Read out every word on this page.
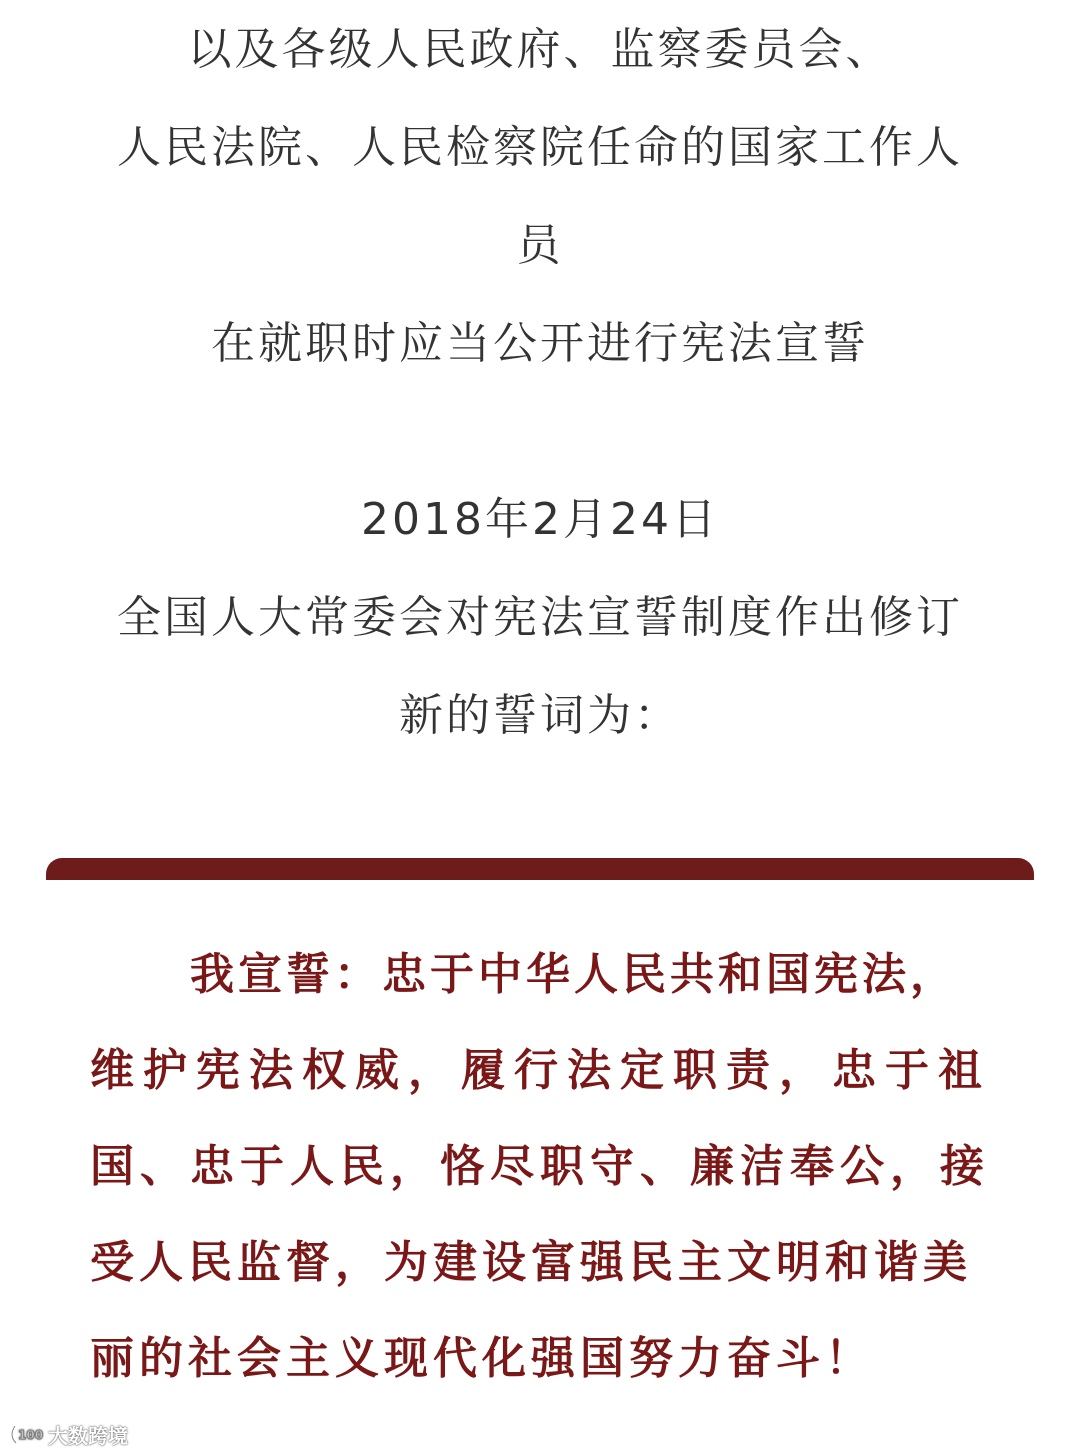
以及各级人民政府、监察委员会、
人民法院、人民检察院任命的国家工作人
员
在就职时应当公开进行宪法宣誓
2018年2月24日
全国人大常委会对宪法宣誓制度作出修订
新的誓词为：
我宣誓：忠于中华人民共和国宪法，
维护宪法权威，履行法定职责，忠于祖
国、忠于人民，恪尽职守、廉洁奉公，接
受人民监督，为建设富强民主文明和谐美
丽的社会主义现代化强国努力奋斗！
100 大数跨境
